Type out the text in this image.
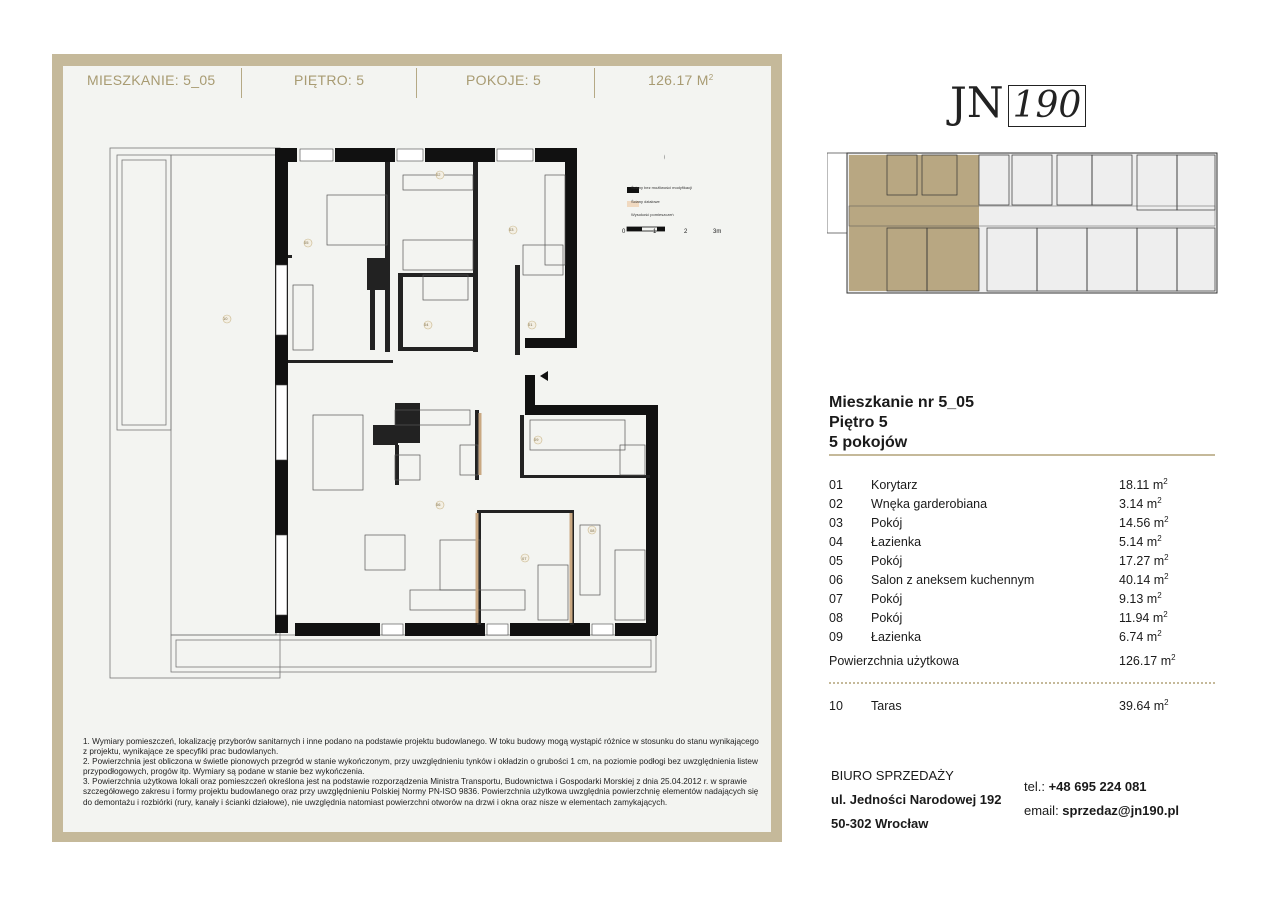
MIESZKANIE: 5_05	PIĘTRO: 5	POKOJE: 5	126.17 $M^2$
Ściany bez możliwości modyfikacji
Ściany działowe
Wysokość pomieszczeń
0	1	2	3m
02
03
05
10
04	01
09
06
07
08

1. Wymiary pomieszczeń, lokalizację przyborów sanitarnych i inne podano na podstawie projektu budowlanego. W toku budowy mogą wystąpić różnice w stosunku do stanu wynikającego z projektu, wynikające ze specyfiki prac budowlanych.

2. Powierzchnia jest obliczona w świetle pionowych przegród w stanie wykończonym, przy uwzględnieniu tynków i okładzin o grubości 1 cm, na poziomie podłogi bez uwzględnienia listew przypodłogowych, progów itp. Wymiary są podane w stanie bez wykończenia.

3. Powierzchnia użytkowa lokali oraz pomieszczeń określona jest na podstawie rozporządzenia Ministra Transportu, Budownictwa i Gospodarki Morskiej z dnia 25.04.2012 r. w sprawie szczegółowego zakresu i formy projektu budowlanego oraz przy uwzględnieniu Polskiej Normy PN-ISO 9836. Powierzchnia użytkowa uwzględnia powierzchnię elementów nadających się do demontażu i rozbiórki (rury, kanały i ścianki działowe), nie uwzględnia natomiast powierzchni otworów na drzwi i okna oraz nisze w elementach zamykających.

JN 190
Mieszkanie nr 5_05
Piętro 5
5 pokojów
01 Korytarz	18.11 $m^2$
02 Wnęka garderobiana	3.14 $m^2$
03 Pokój	14.56 $m^2$
04 Łazienka	5.14 $m^2$
05 Pokój	17.27 $m^2$
06 Salon z aneksem kuchennym	40.14 $m^2$
07 Pokój	9.13 $m^2$
08 Pokój	11.94 $m^2$
09 Łazienka	6.74 $m^2$
Powierzchnia użytkowa	126.17 $m^2$
10 Taras	39.64 $m^2$
BIURO SPRZEDAŻY
ul. Jedności Narodowej 192
50-302 Wrocław
tel.: +48 695 224 081
email: sprzedaz@jn190.pl
